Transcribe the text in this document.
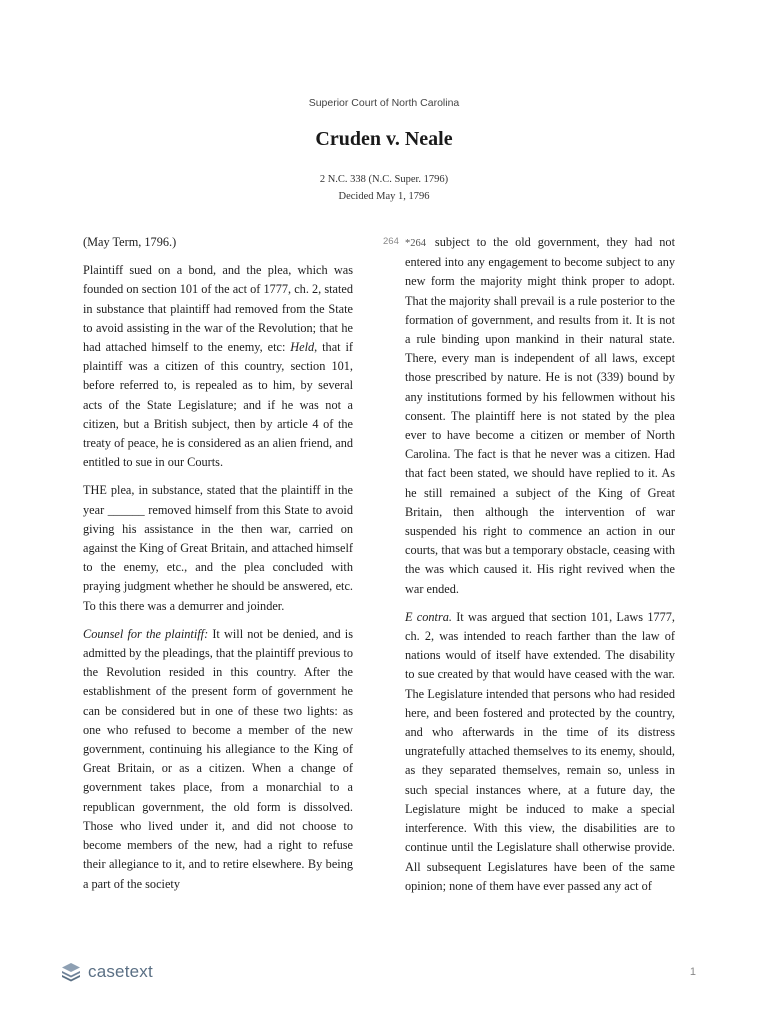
Superior Court of North Carolina
Cruden v. Neale
2 N.C. 338 (N.C. Super. 1796)
Decided May 1, 1796

(May Term, 1796.)

Plaintiff sued on a bond, and the plea, which was founded on section 101 of the act of 1777, ch. 2, stated in substance that plaintiff had removed from the State to avoid assisting in the war of the Revolution; that he had attached himself to the enemy, etc: Held, that if plaintiff was a citizen of this country, section 101, before referred to, is repealed as to him, by several acts of the State Legislature; and if he was not a citizen, but a British subject, then by article 4 of the treaty of peace, he is considered as an alien friend, and entitled to sue in our Courts.

THE plea, in substance, stated that the plaintiff in the year ______ removed himself from this State to avoid giving his assistance in the then war, carried on against the King of Great Britain, and attached himself to the enemy, etc., and the plea concluded with praying judgment whether he should be answered, etc. To this there was a demurrer and joinder.

Counsel for the plaintiff: It will not be denied, and is admitted by the pleadings, that the plaintiff previous to the Revolution resided in this country. After the establishment of the present form of government he can be considered but in one of these two lights: as one who refused to become a member of the new government, continuing his allegiance to the King of Great Britain, or as a citizen. When a change of government takes place, from a monarchial to a republican government, the old form is dissolved. Those who lived under it, and did not choose to become members of the new, had a right to refuse their allegiance to it, and to retire elsewhere. By being a part of the society

264 *264 subject to the old government, they had not entered into any engagement to become subject to any new form the majority might think proper to adopt. That the majority shall prevail is a rule posterior to the formation of government, and results from it. It is not a rule binding upon mankind in their natural state. There, every man is independent of all laws, except those prescribed by nature. He is not (339) bound by any institutions formed by his fellowmen without his consent. The plaintiff here is not stated by the plea ever to have become a citizen or member of North Carolina. The fact is that he never was a citizen. Had that fact been stated, we should have replied to it. As he still remained a subject of the King of Great Britain, then although the intervention of war suspended his right to commence an action in our courts, that was but a temporary obstacle, ceasing with the was which caused it. His right revived when the war ended.

E contra. It was argued that section 101, Laws 1777, ch. 2, was intended to reach farther than the law of nations would of itself have extended. The disability to sue created by that would have ceased with the war. The Legislature intended that persons who had resided here, and been fostered and protected by the country, and who afterwards in the time of its distress ungratefully attached themselves to its enemy, should, as they separated themselves, remain so, unless in such special instances where, at a future day, the Legislature might be induced to make a special interference. With this view, the disabilities are to continue until the Legislature shall otherwise provide. All subsequent Legislatures have been of the same opinion; none of them have ever passed any act of

casetext	1
